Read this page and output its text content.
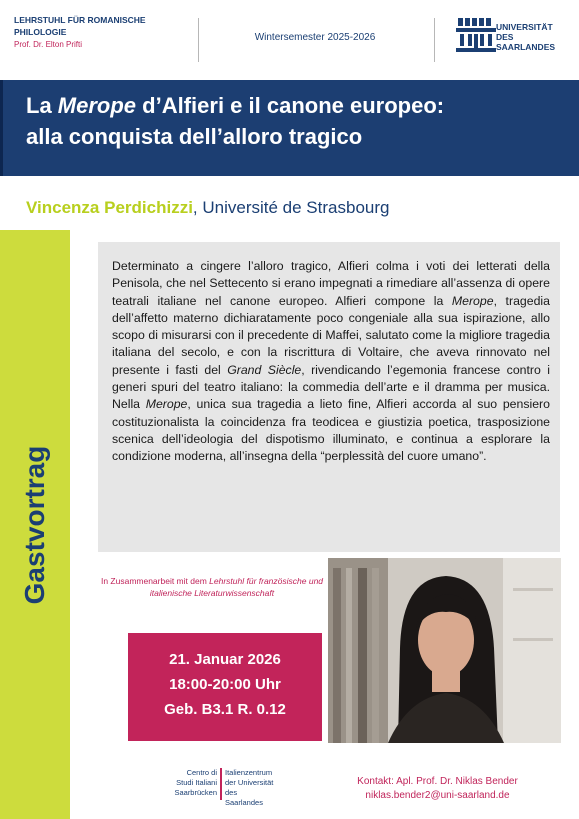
LEHRSTUHL FÜR ROMANISCHE PHILOLOGIE
Prof. Dr. Elton Prifti
Wintersemester 2025-2026
UNIVERSITÄT
DES
SAARLANDES
La Merope d’Alfieri e il canone europeo:
alla conquista dell’alloro tragico
Vincenza Perdichizzi, Université de Strasbourg
Gastvortrag
Determinato a cingere l’alloro tragico, Alfieri colma i voti dei letterati della Penisola, che nel Settecento si erano impegnati a rimediare all’assenza di opere teatrali italiane nel canone europeo. Alfieri compone la Merope, tragedia dell’affetto materno dichiaratamente poco congeniale alla sua ispirazione, allo scopo di misurarsi con il precedente di Maffei, salutato come la migliore tragedia italiana del secolo, e con la riscrittura di Voltaire, che aveva rinnovato nel presente i fasti del Grand Siècle, rivendicando l’egemonia francese contro i generi spuri del teatro italiano: la commedia dell’arte e il dramma per musica. Nella Merope, unica sua tragedia a lieto fine, Alfieri accorda al suo pensiero costituzionalista la coincidenza fra teodicea e giustizia poetica, trasposizione scenica dell’ideologia del dispotismo illuminato, e continua a esplorare la condizione moderna, all’insegna della “perplessità del cuore umano”.
In Zusammenarbeit mit dem Lehrstuhl für französische und italienische Literaturwissenschaft
21. Januar 2026
18:00-20:00 Uhr
Geb. B3.1 R. 0.12
Centro di
Studi Italiani
Saarbrücken
Italienzentrum
der Universität
des Saarlandes
Kontakt: Apl. Prof. Dr. Niklas Bender
niklas.bender2@uni-saarland.de
